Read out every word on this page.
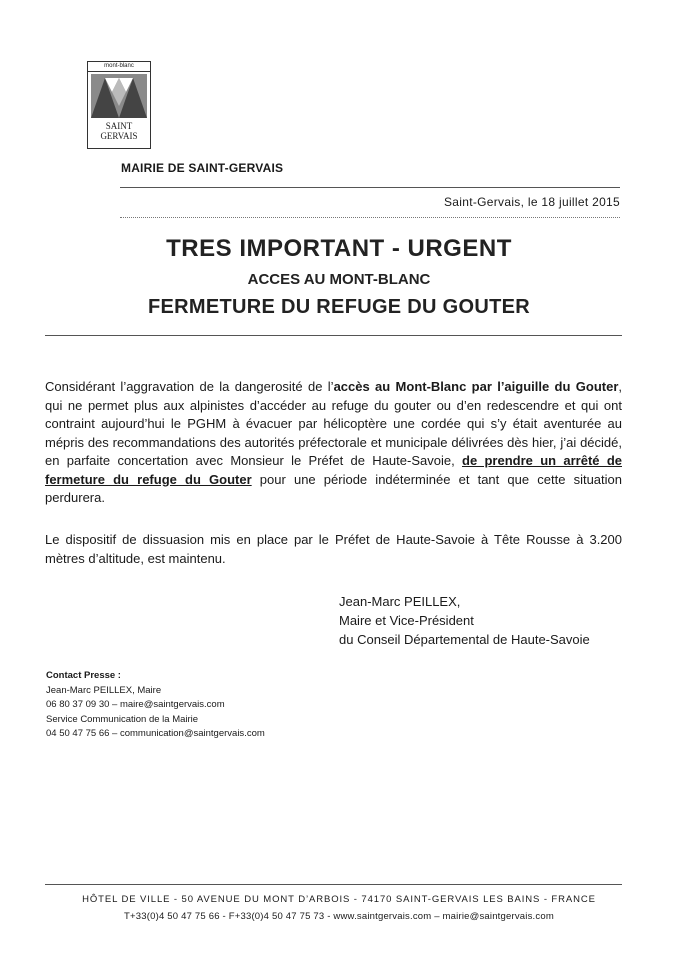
mont-blanc
SAINT
GERVAIS
MAIRIE DE SAINT-GERVAIS
Saint-Gervais, le 18 juillet 2015
TRES IMPORTANT - URGENT
ACCES AU MONT-BLANC
FERMETURE DU REFUGE DU GOUTER
Considérant l’aggravation de la dangerosité de l’accès au Mont-Blanc par l’aiguille du Gouter, qui ne permet plus aux alpinistes d’accéder au refuge du gouter ou d’en redescendre et qui ont contraint aujourd’hui le PGHM à évacuer par hélicoptère une cordée qui s’y était aventurée au mépris des recommandations des autorités préfectorale et municipale délivrées dès hier, j’ai décidé, en parfaite concertation avec Monsieur le Préfet de Haute-Savoie, de prendre un arrêté de fermeture du refuge du Gouter pour une période indéterminée et tant que cette situation perdurera.
Le dispositif de dissuasion mis en place par le Préfet de Haute-Savoie à Tête Rousse à 3.200 mètres d’altitude, est maintenu.
Jean-Marc PEILLEX,
Maire et Vice-Président
du Conseil Départemental de Haute-Savoie
Contact Presse :
Jean-Marc PEILLEX, Maire
06 80 37 09 30 – maire@saintgervais.com
Service Communication de la Mairie
04 50 47 75 66 – communication@saintgervais.com
HÔTEL DE VILLE - 50 AVENUE DU MONT D’ARBOIS - 74170 SAINT-GERVAIS LES BAINS - FRANCE
T+33(0)4 50 47 75 66 - F+33(0)4 50 47 75 73 - www.saintgervais.com – mairie@saintgervais.com
